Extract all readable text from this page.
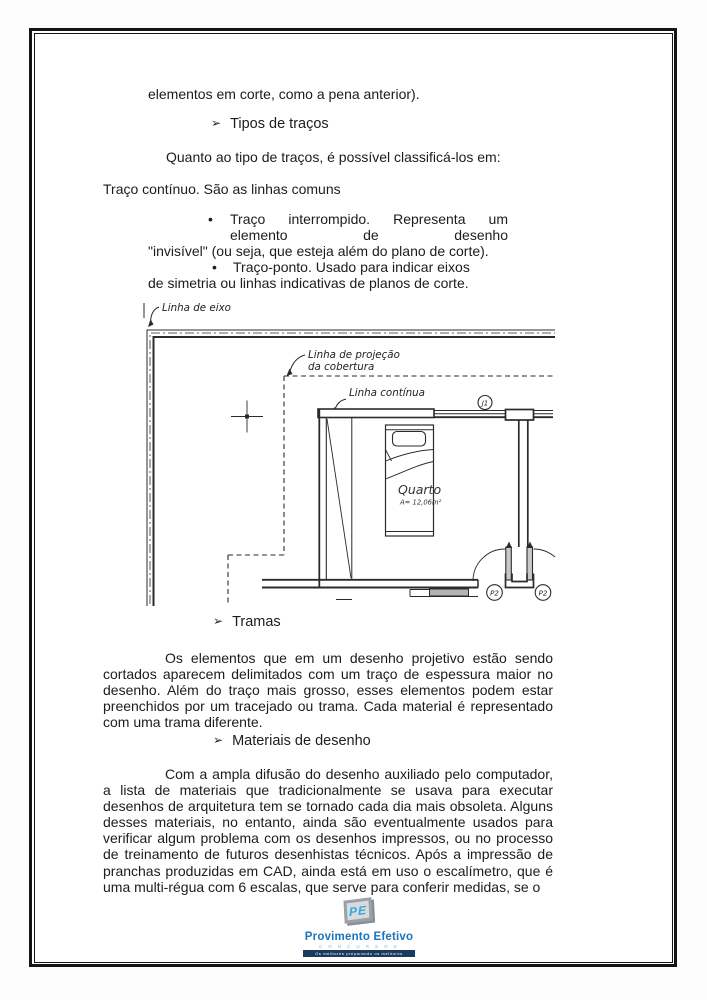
elementos em corte, como a pena anterior).
➢ Tipos de traços
Quanto ao tipo de traços, é possível classificá-los em:
Traço contínuo. São as linhas comuns
• Traço interrompido. Representa um
elemento de desenho
"invisível" (ou seja, que esteja além do plano de corte).
• Traço-ponto. Usado para indicar eixos
de simetria ou linhas indicativas de planos de corte.
Linha de eixo
Linha de projeção
da cobertura
Linha contínua
J1
P2	P2
Quarto
A= 12,06m²
➢ Tramas
Os elementos que em um desenho projetivo estão sendo cortados aparecem delimitados com um traço de espessura maior no desenho. Além do traço mais grosso, esses elementos podem estar preenchidos por um tracejado ou trama. Cada material é representado com uma trama diferente.
➢ Materiais de desenho
Com a ampla difusão do desenho auxiliado pelo computador, a lista de materiais que tradicionalmente se usava para executar desenhos de arquitetura tem se tornado cada dia mais obsoleta. Alguns desses materiais, no entanto, ainda são eventualmente usados para verificar algum problema com os desenhos impressos, ou no processo de treinamento de futuros desenhistas técnicos. Após a impressão de pranchas produzidas em CAD, ainda está em uso o escalímetro, que é uma multi-régua com 6 escalas, que serve para conferir medidas, se o
PE
Provimento Efetivo
C O N C U R S O S
Os melhores preparando os melhores
